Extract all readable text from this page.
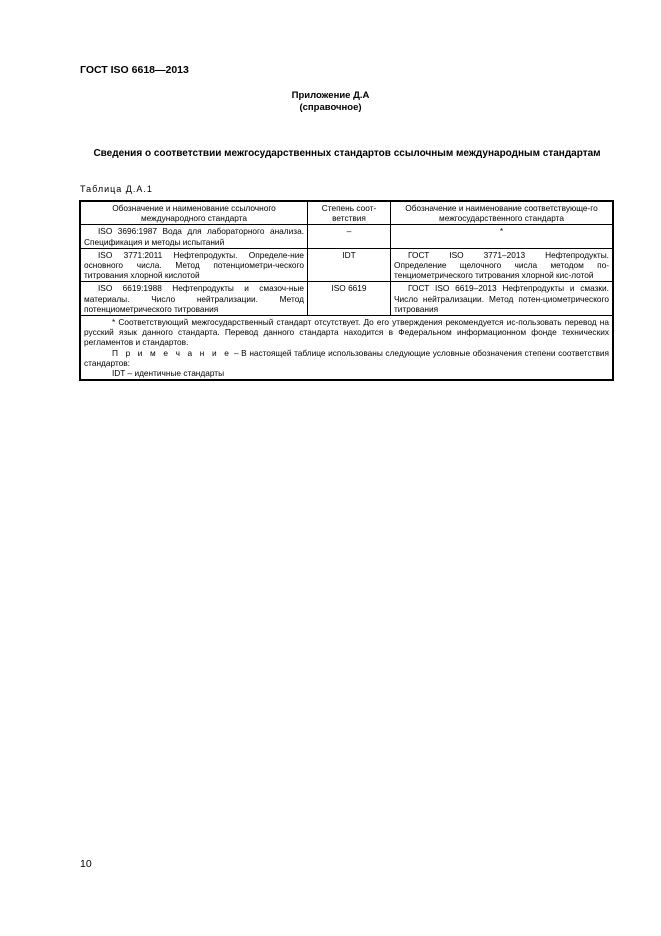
ГОСТ ISO 6618—2013
Приложение Д.А
(справочное)
Сведения о соответствии межгосударственных стандартов ссылочным международным стандартам
Таблица Д.А.1
Обозначение и наименование ссылочного международного стандарта	Степень соот-ветствия	Обозначение и наименование соответствующе-го межгосударственного стандарта
ISO 3696:1987 Вода для лабораторного анализа. Спецификация и методы испытаний	–	*
ISO 3771:2011 Нефтепродукты. Определе-ние основного числа. Метод потенциометри-ческого титрования хлорной кислотой	IDT	ГОСТ ISO 3771–2013 Нефтепродукты. Определение щелочного числа методом по-тенциометрического титрования хлорной кис-лотой
ISO 6619:1988 Нефтепродукты и смазоч-ные материалы. Число нейтрализации. Метод потенциометрического титрования	ISO 6619	ГОСТ ISO 6619–2013 Нефтепродукты и смазки. Число нейтрализации. Метод потен-циометрического титрования

* Соответствующий межгосударственный стандарт отсутствует. До его утверждения рекомендуется ис-пользовать перевод на русский язык данного стандарта. Перевод данного стандарта находится в Федеральном информационном фонде технических регламентов и стандартов.

П р и м е ч а н и е – В настоящей таблице использованы следующие условные обозначения степени соответствия стандартов:

IDT – идентичные стандарты		

10
